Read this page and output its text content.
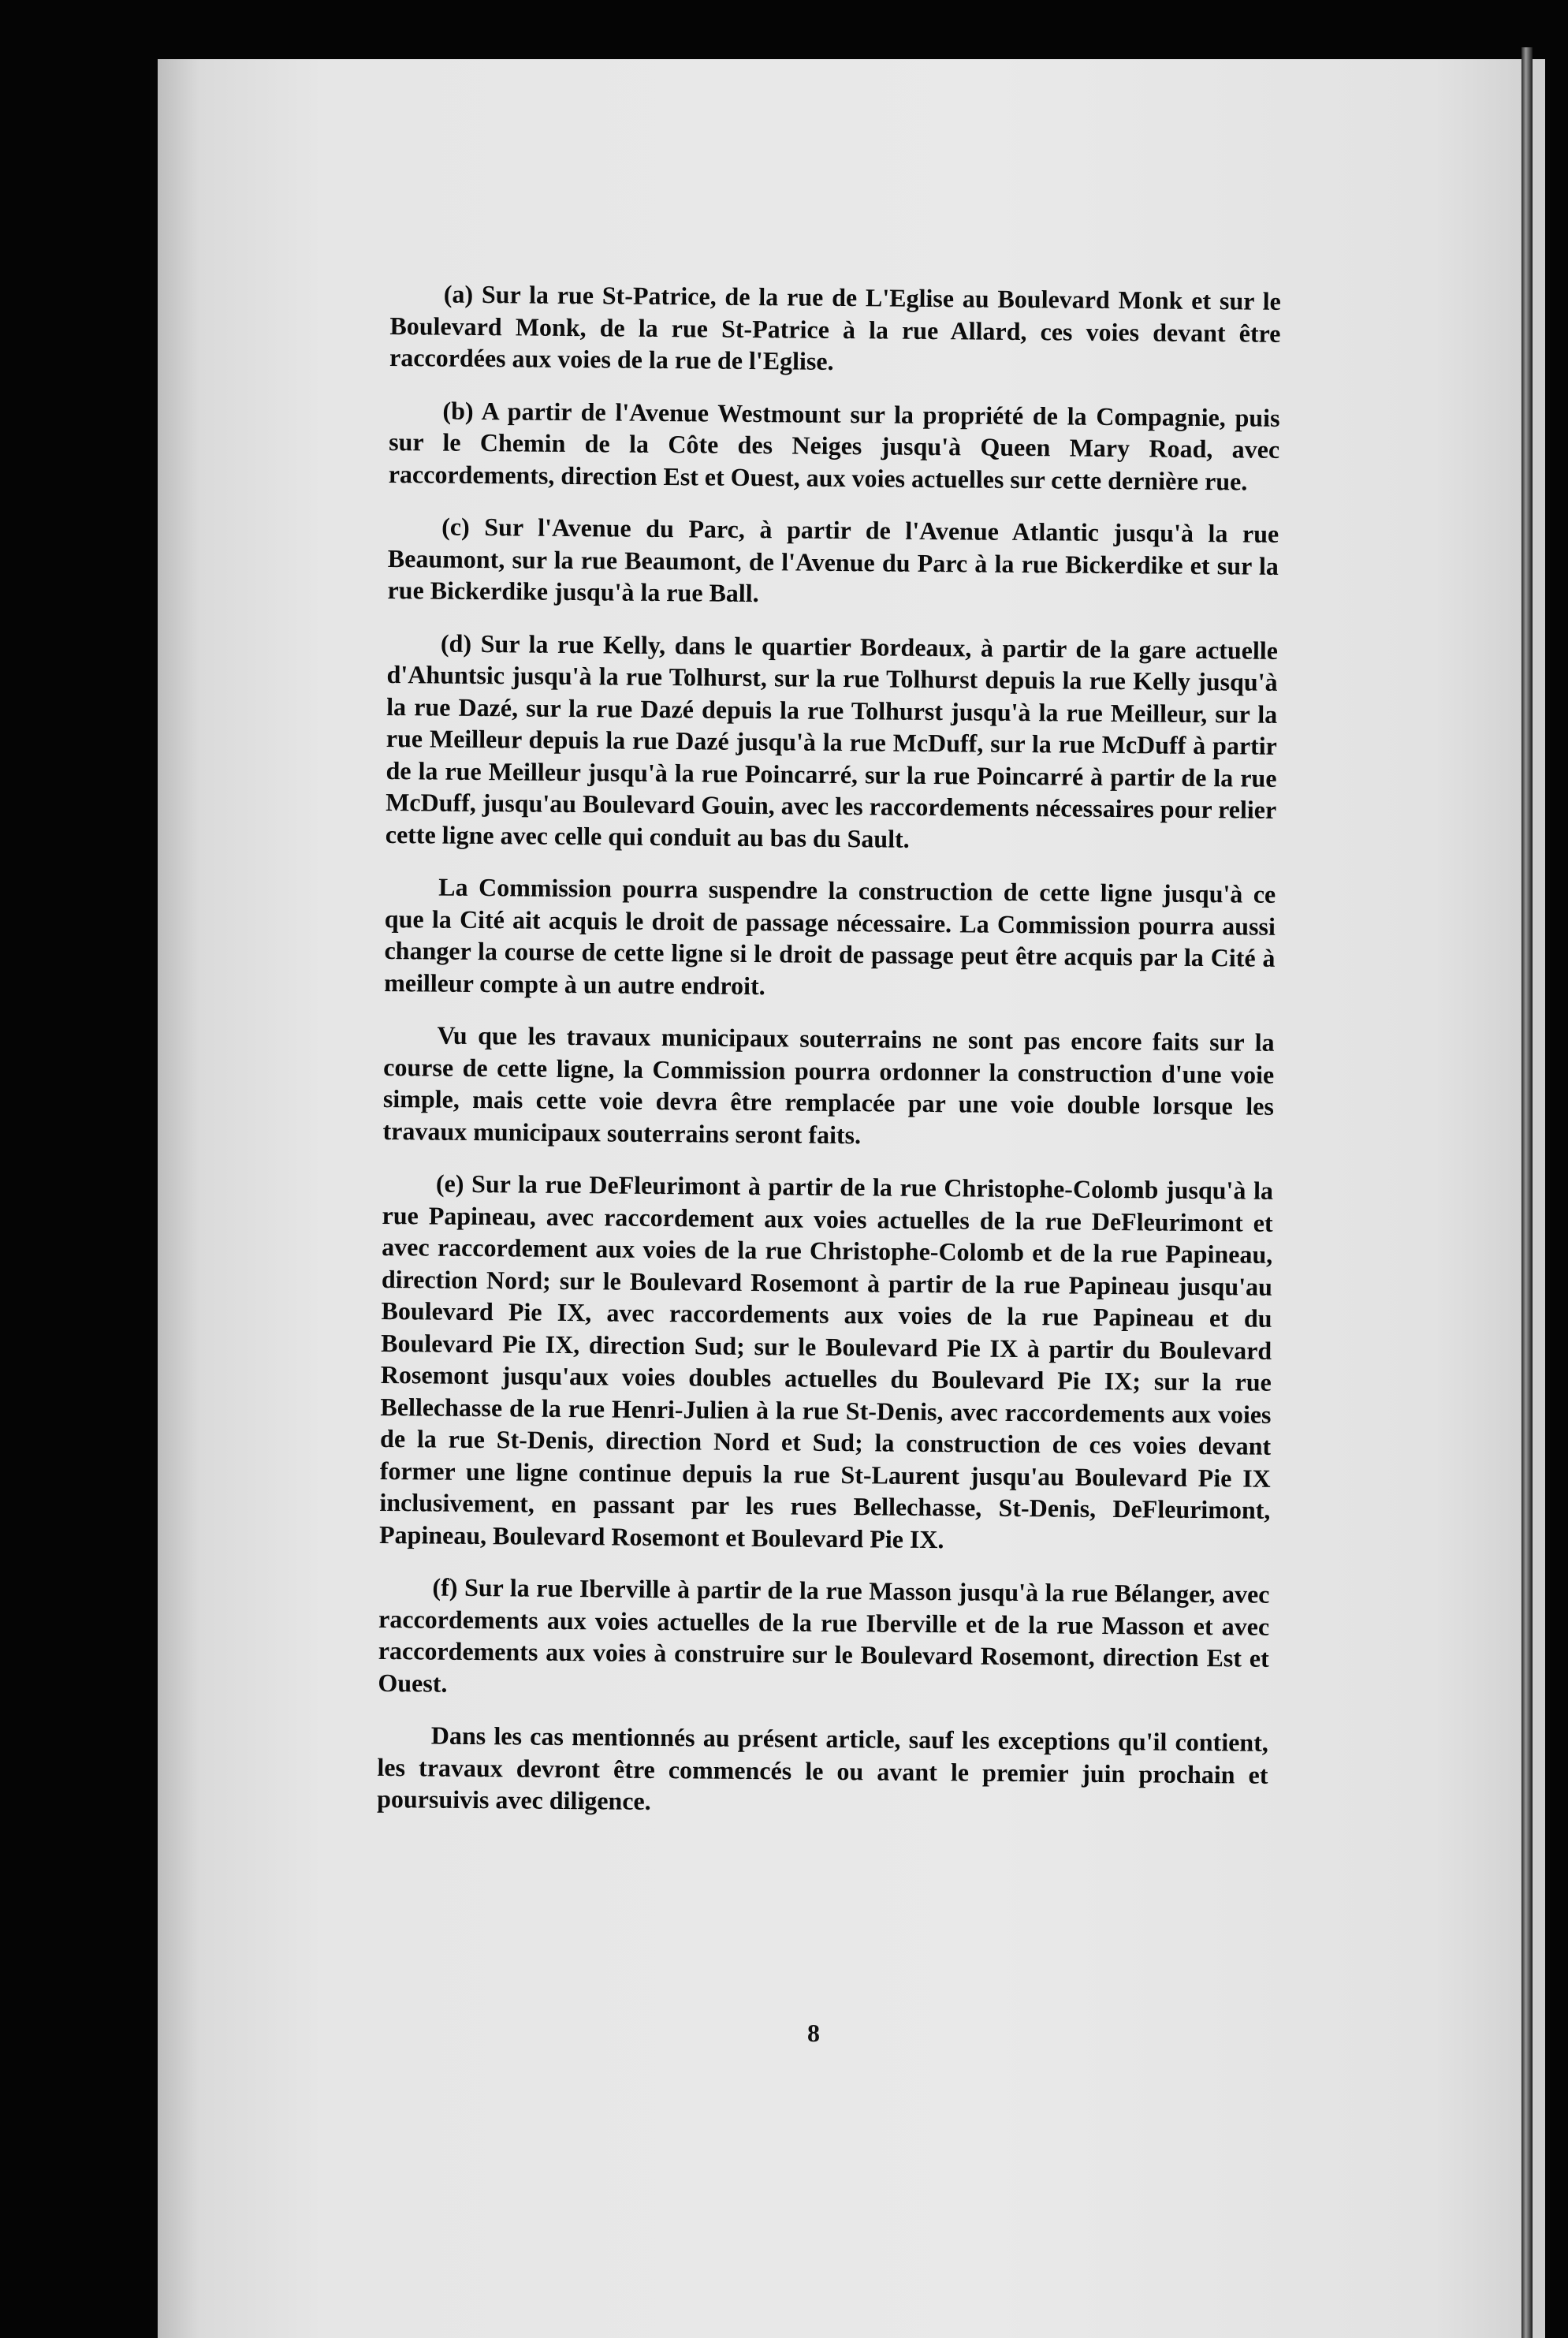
(a) Sur la rue St-Patrice, de la rue de L'Eglise au Boulevard Monk et sur le Boulevard Monk, de la rue St-Patrice à la rue Allard, ces voies devant être raccordées aux voies de la rue de l'Eglise.

(b) A partir de l'Avenue Westmount sur la propriété de la Compagnie, puis sur le Chemin de la Côte des Neiges jusqu'à Queen Mary Road, avec raccordements, direction Est et Ouest, aux voies actuelles sur cette dernière rue.

(c) Sur l'Avenue du Parc, à partir de l'Avenue Atlantic jusqu'à la rue Beaumont, sur la rue Beaumont, de l'Avenue du Parc à la rue Bickerdike et sur la rue Bickerdike jusqu'à la rue Ball.

(d) Sur la rue Kelly, dans le quartier Bordeaux, à partir de la gare actuelle d'Ahuntsic jusqu'à la rue Tolhurst, sur la rue Tolhurst depuis la rue Kelly jusqu'à la rue Dazé, sur la rue Dazé depuis la rue Tolhurst jusqu'à la rue Meilleur, sur la rue Meilleur depuis la rue Dazé jusqu'à la rue McDuff, sur la rue McDuff à partir de la rue Meilleur jusqu'à la rue Poincarré, sur la rue Poincarré à partir de la rue McDuff, jusqu'au Boulevard Gouin, avec les raccordements nécessaires pour relier cette ligne avec celle qui conduit au bas du Sault.

La Commission pourra suspendre la construction de cette ligne jusqu'à ce que la Cité ait acquis le droit de passage nécessaire. La Commission pourra aussi changer la course de cette ligne si le droit de passage peut être acquis par la Cité à meilleur compte à un autre endroit.

Vu que les travaux municipaux souterrains ne sont pas encore faits sur la course de cette ligne, la Commission pourra ordonner la construction d'une voie simple, mais cette voie devra être remplacée par une voie double lorsque les travaux municipaux souterrains seront faits.

(e) Sur la rue DeFleurimont à partir de la rue Christophe-Colomb jusqu'à la rue Papineau, avec raccordement aux voies actuelles de la rue DeFleurimont et avec raccordement aux voies de la rue Christophe-Colomb et de la rue Papineau, direction Nord; sur le Boulevard Rosemont à partir de la rue Papineau jusqu'au Boulevard Pie IX, avec raccordements aux voies de la rue Papineau et du Boulevard Pie IX, direction Sud; sur le Boulevard Pie IX à partir du Boulevard Rosemont jusqu'aux voies doubles actuelles du Boulevard Pie IX; sur la rue Bellechasse de la rue Henri-Julien à la rue St-Denis, avec raccordements aux voies de la rue St-Denis, direction Nord et Sud; la construction de ces voies devant former une ligne continue depuis la rue St-Laurent jusqu'au Boulevard Pie IX inclusivement, en passant par les rues Bellechasse, St-Denis, DeFleurimont, Papineau, Boulevard Rosemont et Boulevard Pie IX.

(f) Sur la rue Iberville à partir de la rue Masson jusqu'à la rue Bélanger, avec raccordements aux voies actuelles de la rue Iberville et de la rue Masson et avec raccordements aux voies à construire sur le Boulevard Rosemont, direction Est et Ouest.

Dans les cas mentionnés au présent article, sauf les exceptions qu'il contient, les travaux devront être commencés le ou avant le premier juin prochain et poursuivis avec diligence.

8
